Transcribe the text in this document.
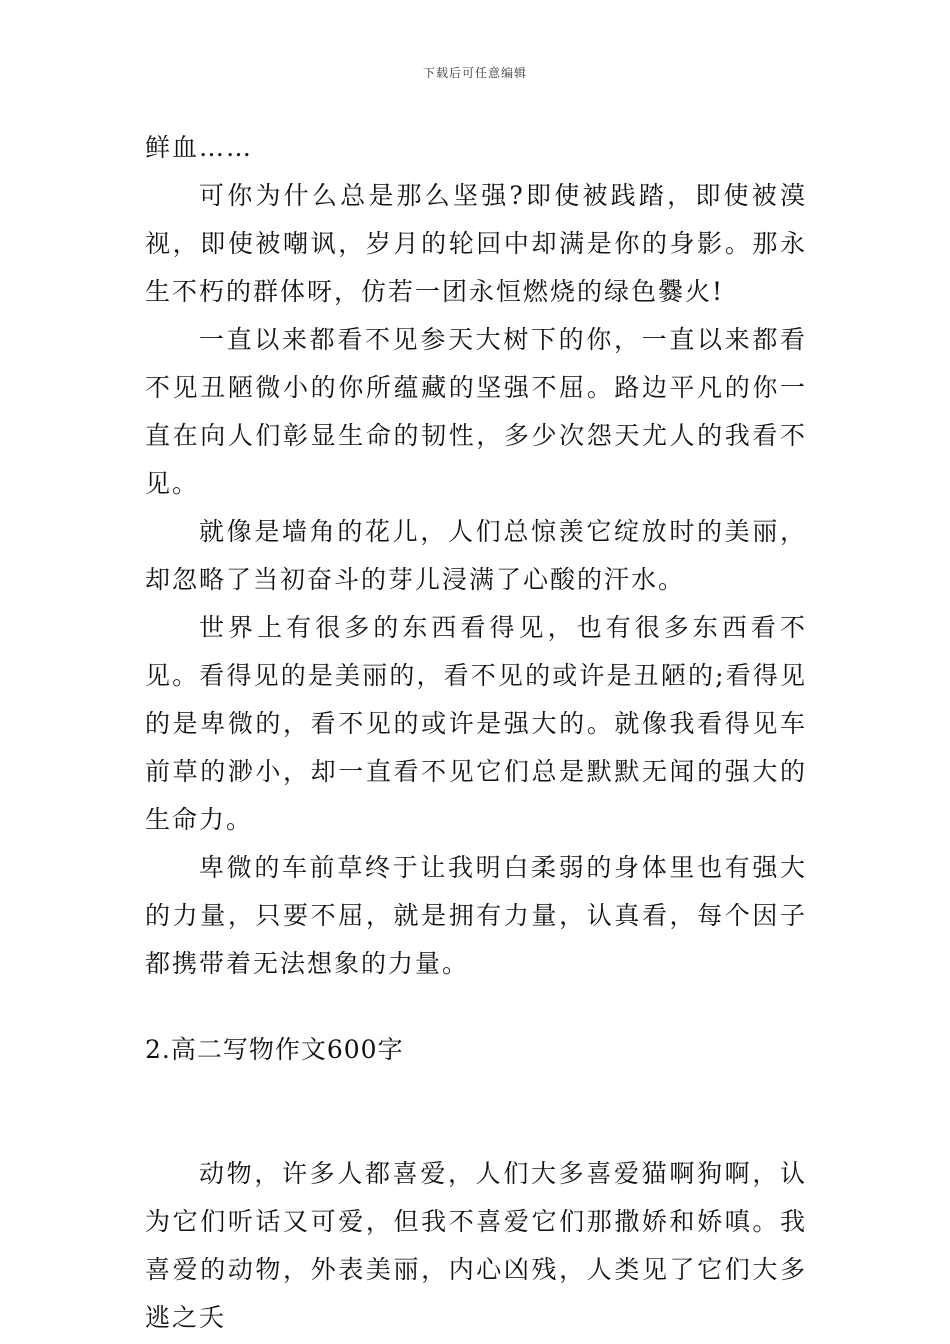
下载后可任意编辑

鲜血……

可你为什么总是那么坚强?即使被践踏，即使被漠视，即使被嘲讽，岁月的轮回中却满是你的身影。那永生不朽的群体呀，仿若一团永恒燃烧的绿色爨火!

一直以来都看不见参天大树下的你，一直以来都看不见丑陋微小的你所蕴藏的坚强不屈。路边平凡的你一直在向人们彰显生命的韧性，多少次怨天尤人的我看不见。

就像是墙角的花儿，人们总惊羡它绽放时的美丽，却忽略了当初奋斗的芽儿浸满了心酸的汗水。

世界上有很多的东西看得见，也有很多东西看不见。看得见的是美丽的，看不见的或许是丑陋的;看得见的是卑微的，看不见的或许是强大的。就像我看得见车前草的渺小，却一直看不见它们总是默默无闻的强大的生命力。

卑微的车前草终于让我明白柔弱的身体里也有强大的力量，只要不屈，就是拥有力量，认真看，每个因子都携带着无法想象的力量。

2.高二写物作文600字

动物，许多人都喜爱，人们大多喜爱猫啊狗啊，认为它们听话又可爱，但我不喜爱它们那撒娇和娇嗔。我喜爱的动物，外表美丽，内心凶残，人类见了它们大多逃之夭
